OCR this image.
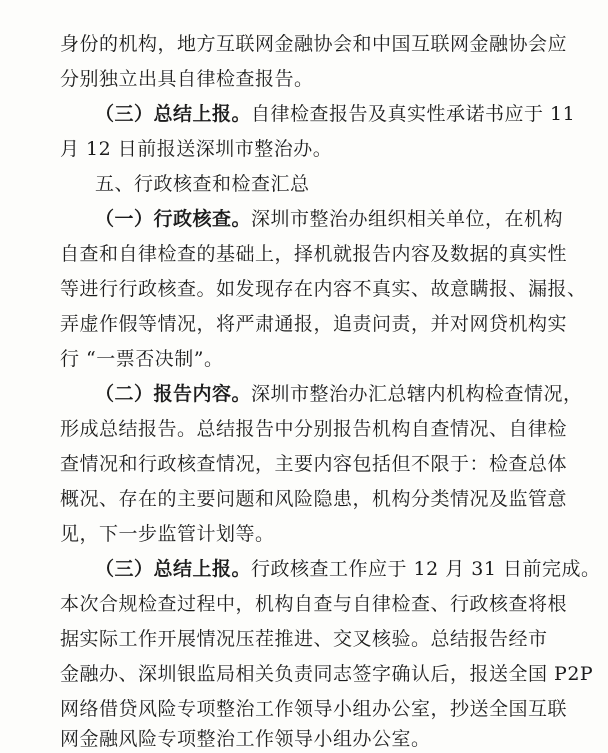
身份的机构，地方互联网金融协会和中国互联网金融协会应
分别独立出具自律检查报告。
（三）总结上报。自律检查报告及真实性承诺书应于 11
月 12 日前报送深圳市整治办。
五、行政核查和检查汇总
（一）行政核查。深圳市整治办组织相关单位，在机构
自查和自律检查的基础上，择机就报告内容及数据的真实性
等进行行政核查。如发现存在内容不真实、故意瞒报、漏报、
弄虚作假等情况，将严肃通报，追责问责，并对网贷机构实
行 “一票否决制”。
（二）报告内容。深圳市整治办汇总辖内机构检查情况，
形成总结报告。总结报告中分别报告机构自查情况、自律检
查情况和行政核查情况，主要内容包括但不限于：检查总体
概况、存在的主要问题和风险隐患，机构分类情况及监管意
见，下一步监管计划等。
（三）总结上报。行政核查工作应于 12 月 31 日前完成。
本次合规检查过程中，机构自查与自律检查、行政核查将根
据实际工作开展情况压茬推进、交叉核验。总结报告经市
金融办、深圳银监局相关负责同志签字确认后，报送全国 P2P
网络借贷风险专项整治工作领导小组办公室，抄送全国互联
网金融风险专项整治工作领导小组办公室。
